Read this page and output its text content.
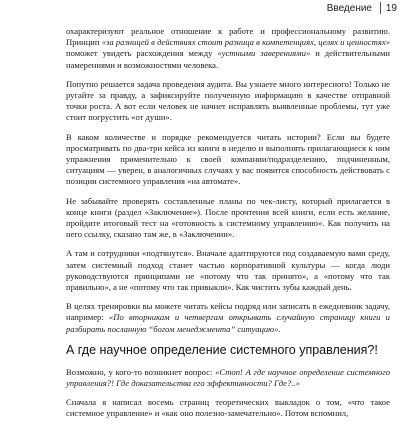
Введение 19

охарактеризуют реальное отношение к работе и профессиональному развитию. Принцип «за разницей в действиях стоит разница в компетенциях, целях и ценностях» поможет увидеть расхождения между «устными заверениями» и действительными намерениями и возможностями человека.

Попутно решается задача проведения аудита. Вы узнаете много интересного! Только не ругайте за правду, а зафиксируйте полученную информацию в качестве отправной точки роста. А вот если человек не начнет исправлять выявленные проблемы, тут уже стоит погрустить «от души».

В каком количестве и порядке рекомендуется читать истории? Если вы будете просматривать по два-три кейса из книги в неделю и выполнять прилагающиеся к ним упражнения применительно к своей компании/подразделению, подчиненным, ситуациям — уверен, в аналогичных случаях у вас появится способность действовать с позиции системного управления «на автомате».

Не забывайте проверять составленные планы по чек-листу, который прилагается в конце книги (раздел «Заключение»). После прочтения всей книги, если есть желание, пройдите итоговый тест на «готовность к системному управлению». Как получить на него ссылку, сказано там же, в «Заключении».

А там и сотрудники «подтянутся». Вначале адаптируются под создаваемую вами среду, затем системный подход станет частью корпоративной культуры — когда люди руководствуются принципами не «потому что так принято», а «потому что так правильно», а не «потому что так привыкли». Как чистить зубы каждый день.

В целях тренировки вы можете читать кейсы подряд или записать в ежедневник задачу, например: «По вторникам и четвергам открывать случайную страницу книги и разбирать посланную “богом менеджмента” ситуацию».

А где научное определение системного управления?!

Возможно, у кого-то возникнет вопрос: «Стоп! А где научное определение системного управления?! Где доказательства его эффективности? Где?..»

Сначала я написал восемь страниц теоретических выкладок о том, «что такое системное управление» и «как оно полезно-замечательно». Потом вспомнил,
